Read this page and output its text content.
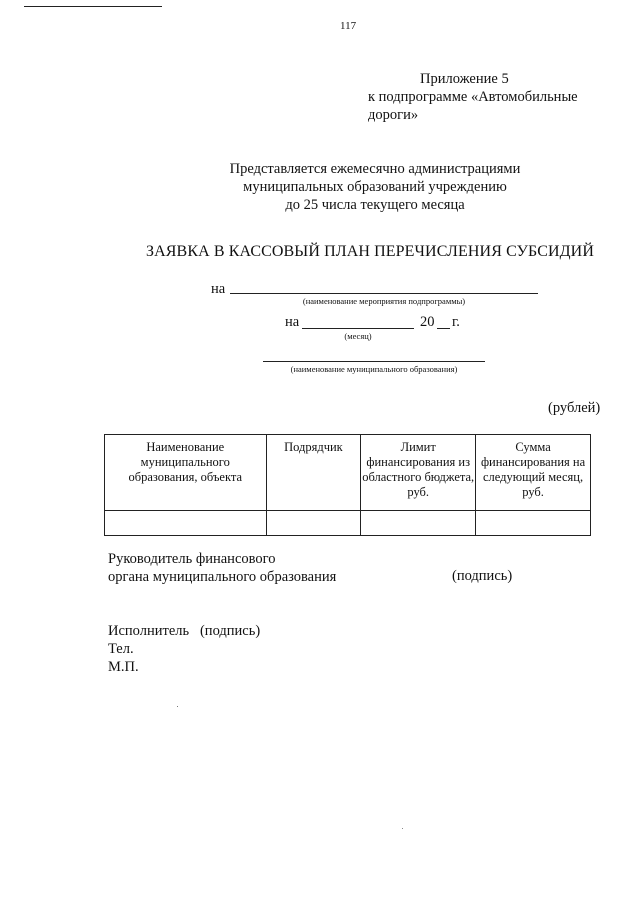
117
Приложение 5
к подпрограмме «Автомобильные
дороги»
Представляется ежемесячно администрациями
муниципальных образований учреждению
до 25 числа текущего месяца
ЗАЯВКА В КАССОВЫЙ ПЛАН ПЕРЕЧИСЛЕНИЯ СУБСИДИЙ
на
(наименование мероприятия подпрограммы)
на
(месяц)
20 г.
(наименование муниципального образования)
(рублей)
Наименование муниципального образования, объекта	Подрядчик	Лимит финансирования из областного бюджета, руб.	Сумма финансирования на следующий месяц, руб.

Руководитель финансового
органа муниципального образования	(подпись)
Исполнитель   (подпись)
Тел.
М.П.
